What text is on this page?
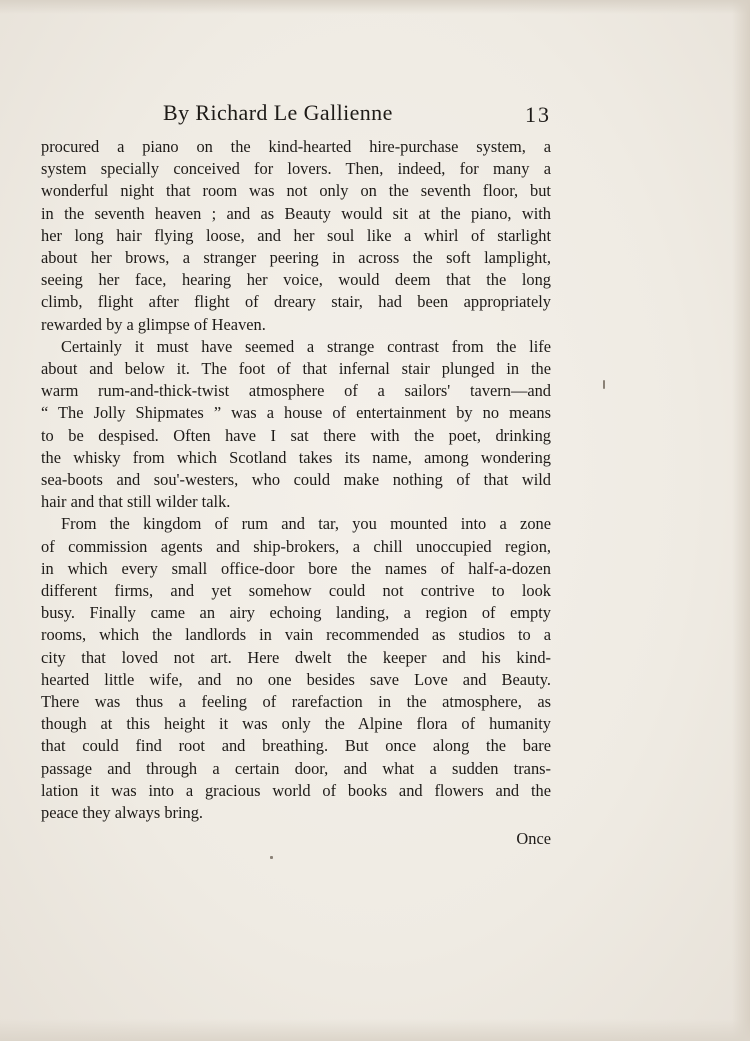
By Richard Le Gallienne	13

procured a piano on the kind-hearted hire-purchase system, a
system specially conceived for lovers. Then, indeed, for many a
wonderful night that room was not only on the seventh floor, but
in the seventh heaven ; and as Beauty would sit at the piano, with
her long hair flying loose, and her soul like a whirl of starlight
about her brows, a stranger peering in across the soft lamplight,
seeing her face, hearing her voice, would deem that the long
climb, flight after flight of dreary stair, had been appropriately
rewarded by a glimpse of Heaven.

Certainly it must have seemed a strange contrast from the life
about and below it. The foot of that infernal stair plunged in the
warm rum-and-thick-twist atmosphere of a sailors' tavern—and
“ The Jolly Shipmates ” was a house of entertainment by no means
to be despised. Often have I sat there with the poet, drinking
the whisky from which Scotland takes its name, among wondering
sea-boots and sou'-westers, who could make nothing of that wild
hair and that still wilder talk.

From the kingdom of rum and tar, you mounted into a zone
of commission agents and ship-brokers, a chill unoccupied region,
in which every small office-door bore the names of half-a-dozen
different firms, and yet somehow could not contrive to look
busy. Finally came an airy echoing landing, a region of empty
rooms, which the landlords in vain recommended as studios to a
city that loved not art. Here dwelt the keeper and his kind-
hearted little wife, and no one besides save Love and Beauty.
There was thus a feeling of rarefaction in the atmosphere, as
though at this height it was only the Alpine flora of humanity
that could find root and breathing. But once along the bare
passage and through a certain door, and what a sudden trans-
lation it was into a gracious world of books and flowers and the
peace they always bring.

Once
